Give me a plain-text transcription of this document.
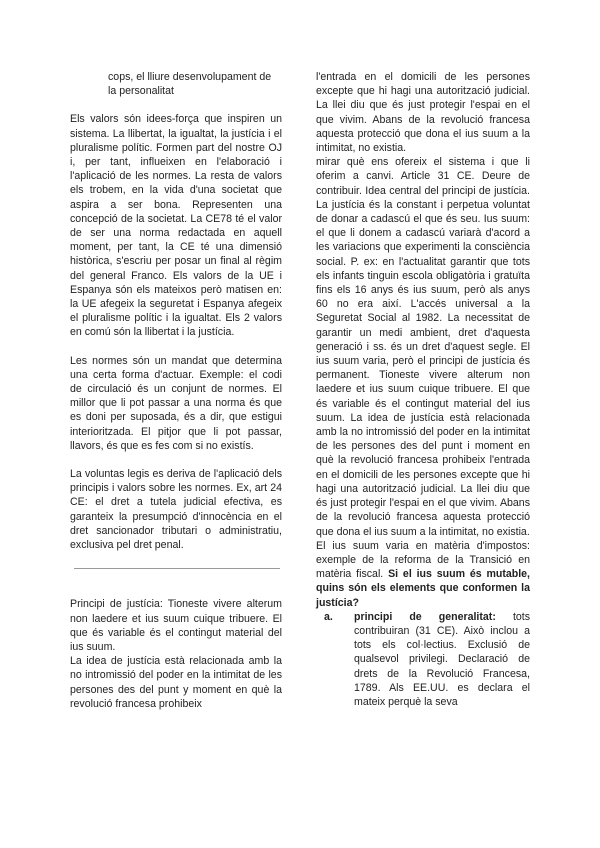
cops, el lliure desenvolupament de la personalitat

Els valors són idees-força que inspiren un sistema. La llibertat, la igualtat, la justícia i el pluralisme polític. Formen part del nostre OJ i, per tant, influeixen en l'elaboració i l'aplicació de les normes. La resta de valors els trobem, en la vida d'una societat que aspira a ser bona. Representen una concepció de la societat. La CE78 té el valor de ser una norma redactada en aquell moment, per tant, la CE té una dimensió històrica, s'escriu per posar un final al règim del general Franco. Els valors de la UE i Espanya són els mateixos però matisen en: la UE afegeix la seguretat i Espanya afegeix el pluralisme polític i la igualtat. Els 2 valors en comú són la llibertat i la justícia.

Les normes són un mandat que determina una certa forma d'actuar. Exemple: el codi de circulació és un conjunt de normes. El millor que li pot passar a una norma és que es doni per suposada, és a dir, que estigui interioritzada. El pitjor que li pot passar, llavors, és que es fes com si no existís.

La voluntas legis es deriva de l'aplicació dels principis i valors sobre les normes. Ex, art 24 CE: el dret a tutela judicial efectiva, es garanteix la presumpció d'innocència en el dret sancionador tributari o administratiu, exclusiva pel dret penal.

Principi de justícia: Tioneste vivere alterum non laedere et ius suum cuique tribuere. El que és variable és el contingut material del ius suum.

La idea de justícia està relacionada amb la no intromissió del poder en la intimitat de les persones des del punt y moment en què la revolució francesa prohibeix

l'entrada en el domicili de les persones excepte que hi hagi una autorització judicial. La llei diu que és just protegir l'espai en el que vivim. Abans de la revolució francesa aquesta protecció que dona el ius suum a la intimitat, no existia.

mirar què ens ofereix el sistema i que li oferim a canvi. Article 31 CE. Deure de contribuir. Idea central del principi de justícia. La justícia és la constant i perpetua voluntat de donar a cadascú el que és seu. Ius suum: el que li donem a cadascú variarà d'acord a les variacions que experimenti la consciència social. P. ex: en l'actualitat garantir que tots els infants tinguin escola obligatòria i gratuïta fins els 16 anys és ius suum, però als anys 60 no era així. L'accés universal a la Seguretat Social al 1982. La necessitat de garantir un medi ambient, dret d'aquesta generació i ss. és un dret d'aquest segle. El ius suum varia, però el principi de justícia és permanent. Tioneste vivere alterum non laedere et ius suum cuique tribuere. El que és variable és el contingut material del ius suum. La idea de justícia està relacionada amb la no intromissió del poder en la intimitat de les persones des del punt i moment en què la revolució francesa prohibeix l'entrada en el domicili de les persones excepte que hi hagi una autorització judicial. La llei diu que és just protegir l'espai en el que vivim. Abans de la revolució francesa aquesta protecció que dona el ius suum a la intimitat, no existia.

El ius suum varia en matèria d'impostos: exemple de la reforma de la Transició en matèria fiscal. Si el ius suum és mutable, quins són els elements que conformen la justícia?

a.	principi de generalitat: tots contribuiran (31 CE). Això inclou a tots els col·lectius. Exclusió de qualsevol privilegi. Declaració de drets de la Revolució Francesa, 1789. Als EE.UU. es declara el mateix perquè la seva
